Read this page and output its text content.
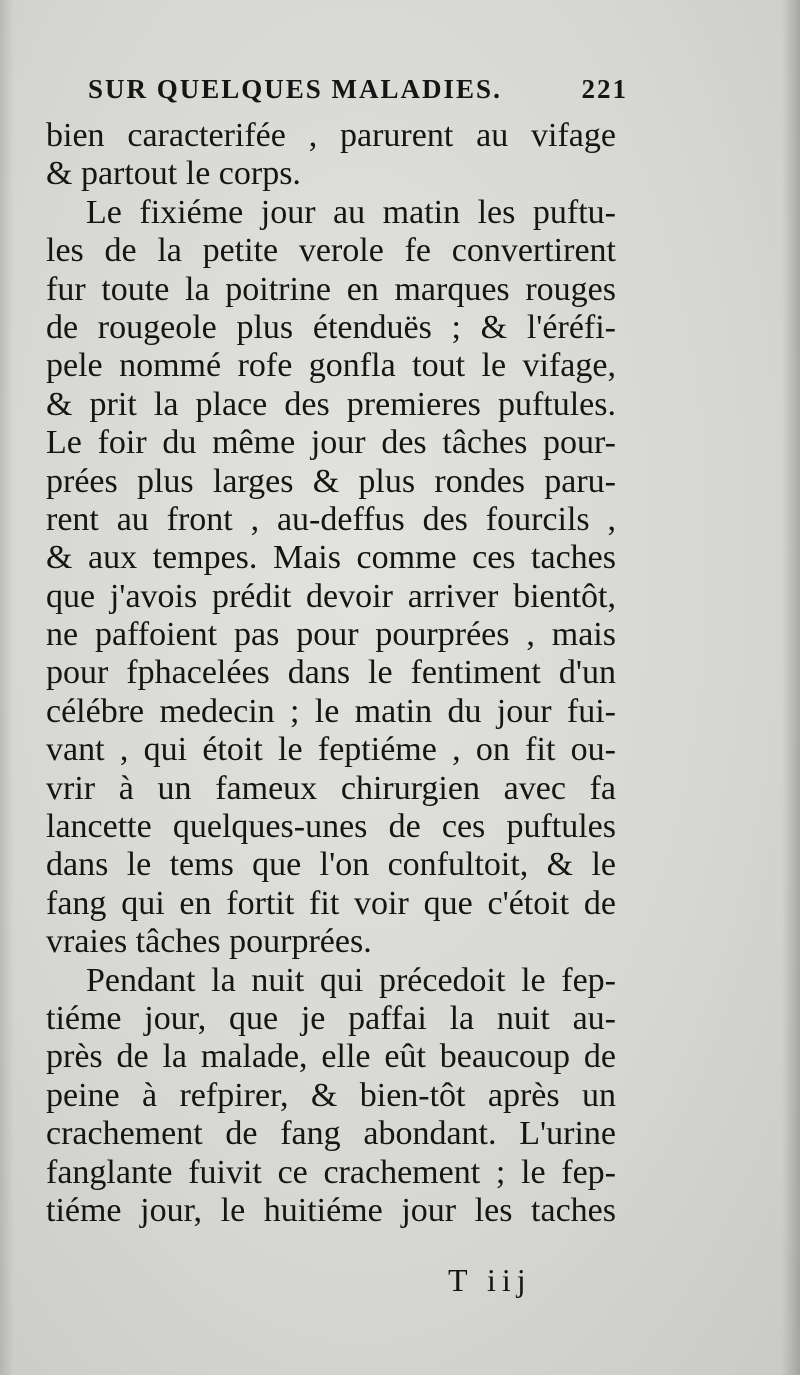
SUR QUELQUES MALADIES.	221
bien caracterifée , parurent au vifage
& partout le corps.
Le fixiéme jour au matin les puftu-
les de la petite verole fe convertirent
fur toute la poitrine en marques rouges
de rougeole plus étenduës ; & l'éréfi-
pele nommé rofe gonfla tout le vifage,
& prit la place des premieres puftules.
Le foir du même jour des tâches pour-
prées plus larges & plus rondes paru-
rent au front , au-deffus des fourcils ,
& aux tempes. Mais comme ces taches
que j'avois prédit devoir arriver bientôt,
ne paffoient pas pour pourprées , mais
pour fphacelées dans le fentiment d'un
célébre medecin ; le matin du jour fui-
vant , qui étoit le feptiéme , on fit ou-
vrir à un fameux chirurgien avec fa
lancette quelques-unes de ces puftules
dans le tems que l'on confultoit, & le
fang qui en fortit fit voir que c'étoit de
vraies tâches pourprées.
Pendant la nuit qui précedoit le fep-
tiéme jour, que je paffai la nuit au-
près de la malade, elle eût beaucoup de
peine à refpirer, & bien-tôt après un
crachement de fang abondant. L'urine
fanglante fuivit ce crachement ; le fep-
tiéme jour, le huitiéme jour les taches
T iij
